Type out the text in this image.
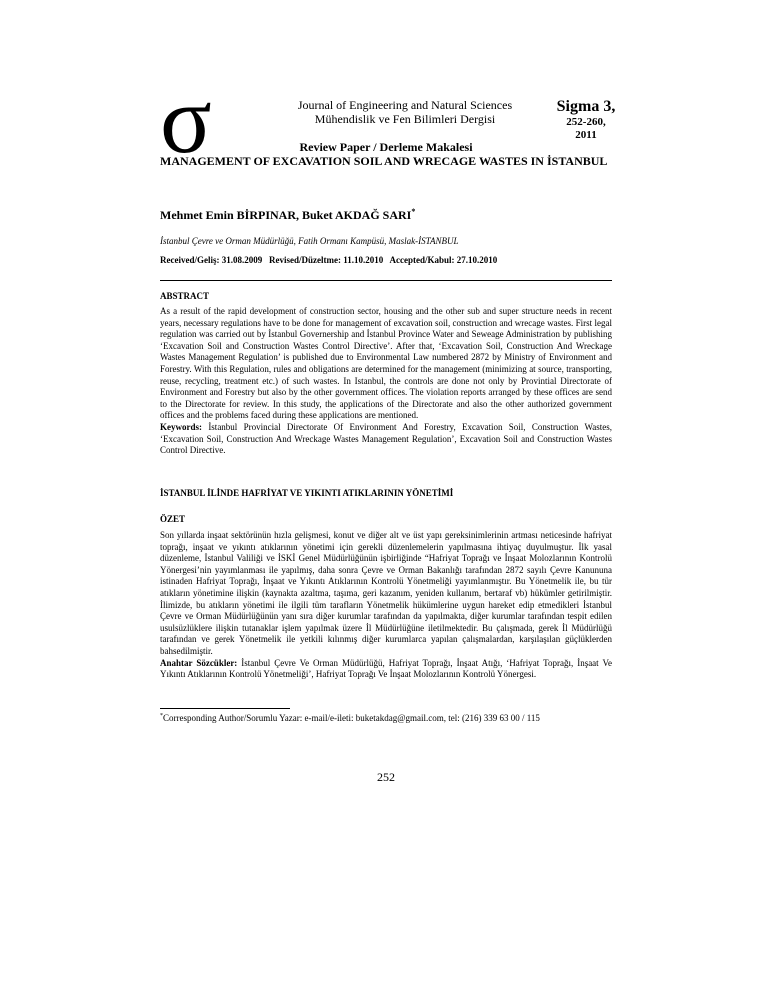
σ	Journal of Engineering and Natural Sciences
Mühendislik ve Fen Bilimleri Dergisi
Sigma 3,
252-260,
2011
Review Paper / Derleme Makalesi
MANAGEMENT OF EXCAVATION SOIL AND WRECAGE WASTES IN İSTANBUL
Mehmet Emin BİRPINAR, Buket AKDAĞ SARI*
İstanbul Çevre ve Orman Müdürlüğü, Fatih Ormanı Kampüsü, Maslak-İSTANBUL
Received/Geliş: 31.08.2009   Revised/Düzeltme: 11.10.2010   Accepted/Kabul: 27.10.2010
ABSTRACT
As a result of the rapid development of construction sector, housing and the other sub and super structure needs in recent years, necessary regulations have to be done for management of excavation soil, construction and wrecage wastes. First legal regulation was carried out by İstanbul Governership and İstanbul Province Water and Seweage Administration by publishing ‘Excavation Soil and Construction Wastes Control Directive’. After that, ‘Excavation Soil, Construction And Wreckage Wastes Management Regulation’ is published due to Environmental Law numbered 2872 by Ministry of Environment and Forestry. With this Regulation, rules and obligations are determined for the management (minimizing at source, transporting, reuse, recycling, treatment etc.) of such wastes. In Istanbul, the controls are done not only by Provintial Directorate of Environment and Forestry but also by the other government offices. The violation reports arranged by these offices are send to the Directorate for review. In this study, the applications of the Directorate and also the other authorized government offices and the problems faced during these applications are mentioned.
Keywords: İstanbul Provincial Directorate Of Environment And Forestry, Excavation Soil, Construction Wastes, ‘Excavation Soil, Construction And Wreckage Wastes Management Regulation’, Excavation Soil and Construction Wastes Control Directive.
İSTANBUL İLİNDE HAFRİYAT VE YIKINTI ATIKLARININ YÖNETİMİ
ÖZET
Son yıllarda inşaat sektörünün hızla gelişmesi, konut ve diğer alt ve üst yapı gereksinimlerinin artması neticesinde hafriyat toprağı, inşaat ve yıkıntı atıklarının yönetimi için gerekli düzenlemelerin yapılmasına ihtiyaç duyulmuştur. İlk yasal düzenleme, İstanbul Valiliği ve İSKİ Genel Müdürlüğünün işbirliğinde “Hafriyat Toprağı ve İnşaat Molozlarının Kontrolü Yönergesi’nin yayımlanması ile yapılmış, daha sonra Çevre ve Orman Bakanlığı tarafından 2872 sayılı Çevre Kanununa istinaden Hafriyat Toprağı, İnşaat ve Yıkıntı Atıklarının Kontrolü Yönetmeliği yayımlanmıştır. Bu Yönetmelik ile, bu tür atıkların yönetimine ilişkin (kaynakta azaltma, taşıma, geri kazanım, yeniden kullanım, bertaraf vb) hükümler getirilmiştir. İlimizde, bu atıkların yönetimi ile ilgili tüm tarafların Yönetmelik hükümlerine uygun hareket edip etmedikleri İstanbul Çevre ve Orman Müdürlüğünün yanı sıra diğer kurumlar tarafından da yapılmakta, diğer kurumlar tarafından tespit edilen usulsüzlüklere ilişkin tutanaklar işlem yapılmak üzere İl Müdürlüğüne iletilmektedir. Bu çalışmada, gerek İl Müdürlüğü tarafından ve gerek Yönetmelik ile yetkili kılınmış diğer kurumlarca yapılan çalışmalardan, karşılaşılan güçlüklerden bahsedilmiştir.
Anahtar Sözcükler: İstanbul Çevre Ve Orman Müdürlüğü, Hafriyat Toprağı, İnşaat Atığı, ‘Hafriyat Toprağı, İnşaat Ve Yıkıntı Atıklarının Kontrolü Yönetmeliği’, Hafriyat Toprağı Ve İnşaat Molozlarının Kontrolü Yönergesi.
*Corresponding Author/Sorumlu Yazar: e-mail/e-ileti: buketakdag@gmail.com, tel: (216) 339 63 00 / 115
252
